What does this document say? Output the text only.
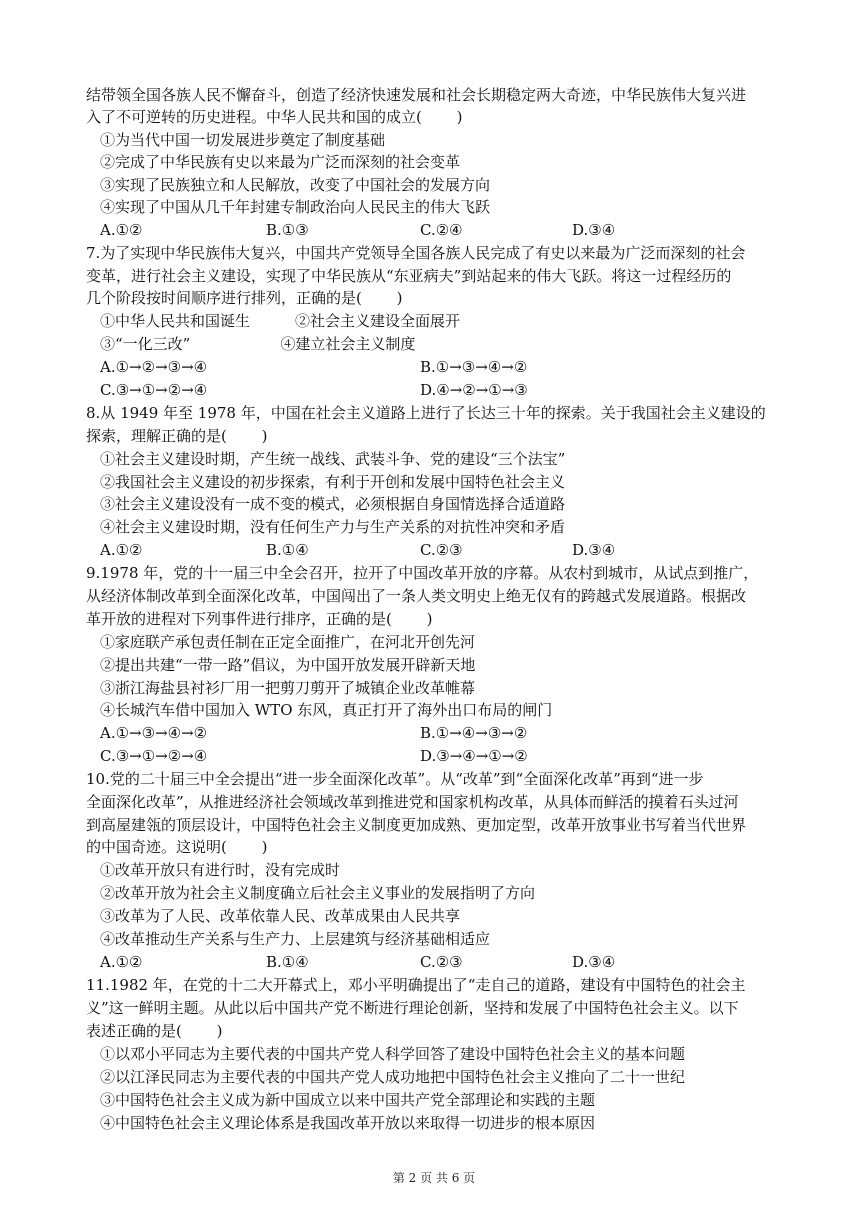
结带领全国各族人民不懈奋斗，创造了经济快速发展和社会长期稳定两大奇迹，中华民族伟大复兴进
入了不可逆转的历史进程。中华人民共和国的成立(　　 )
①为当代中国一切发展进步奠定了制度基础
②完成了中华民族有史以来最为广泛而深刻的社会变革
③实现了民族独立和人民解放，改变了中国社会的发展方向
④实现了中国从几千年封建专制政治向人民民主的伟大飞跃
A.①②	B.①③	C.②④	D.③④
7.为了实现中华民族伟大复兴，中国共产党领导全国各族人民完成了有史以来最为广泛而深刻的社会
变革，进行社会主义建设，实现了中华民族从“东亚病夫”到站起来的伟大飞跃。将这一过程经历的
几个阶段按时间顺序进行排列，正确的是(　　 )
①中华人民共和国诞生　　　②社会主义建设全面展开
③“一化三改”　　　　　　④建立社会主义制度
A.①→②→③→④	B.①→③→④→②
C.③→①→②→④	D.④→②→①→③
8.从 1949 年至 1978 年，中国在社会主义道路上进行了长达三十年的探索。关于我国社会主义建设的
探索，理解正确的是(　　 )
①社会主义建设时期，产生统一战线、武装斗争、党的建设“三个法宝”
②我国社会主义建设的初步探索，有利于开创和发展中国特色社会主义
③社会主义建设没有一成不变的模式，必须根据自身国情选择合适道路
④社会主义建设时期，没有任何生产力与生产关系的对抗性冲突和矛盾
A.①②	B.①④	C.②③	D.③④
9.1978 年，党的十一届三中全会召开，拉开了中国改革开放的序幕。从农村到城市，从试点到推广，
从经济体制改革到全面深化改革，中国闯出了一条人类文明史上绝无仅有的跨越式发展道路。根据改
革开放的进程对下列事件进行排序，正确的是(　　 )
①家庭联产承包责任制在正定全面推广，在河北开创先河
②提出共建“一带一路”倡议，为中国开放发展开辟新天地
③浙江海盐县衬衫厂用一把剪刀剪开了城镇企业改革帷幕
④长城汽车借中国加入 WTO 东风，真正打开了海外出口布局的闸门
A.①→③→④→②	B.①→④→③→②
C.③→①→②→④	D.③→④→①→②
10.党的二十届三中全会提出“进一步全面深化改革”。从“改革”到“全面深化改革”再到“进一步
全面深化改革”，从推进经济社会领域改革到推进党和国家机构改革，从具体而鲜活的摸着石头过河
到高屋建瓴的顶层设计，中国特色社会主义制度更加成熟、更加定型，改革开放事业书写着当代世界
的中国奇迹。这说明(　　 )
①改革开放只有进行时，没有完成时
②改革开放为社会主义制度确立后社会主义事业的发展指明了方向
③改革为了人民、改革依靠人民、改革成果由人民共享
④改革推动生产关系与生产力、上层建筑与经济基础相适应
A.①②	B.①④	C.②③	D.③④
11.1982 年，在党的十二大开幕式上，邓小平明确提出了“走自己的道路，建设有中国特色的社会主
义”这一鲜明主题。从此以后中国共产党不断进行理论创新，坚持和发展了中国特色社会主义。以下
表述正确的是(　　 )
①以邓小平同志为主要代表的中国共产党人科学回答了建设中国特色社会主义的基本问题
②以江泽民同志为主要代表的中国共产党人成功地把中国特色社会主义推向了二十一世纪
③中国特色社会主义成为新中国成立以来中国共产党全部理论和实践的主题
④中国特色社会主义理论体系是我国改革开放以来取得一切进步的根本原因
第 2 页 共 6 页
